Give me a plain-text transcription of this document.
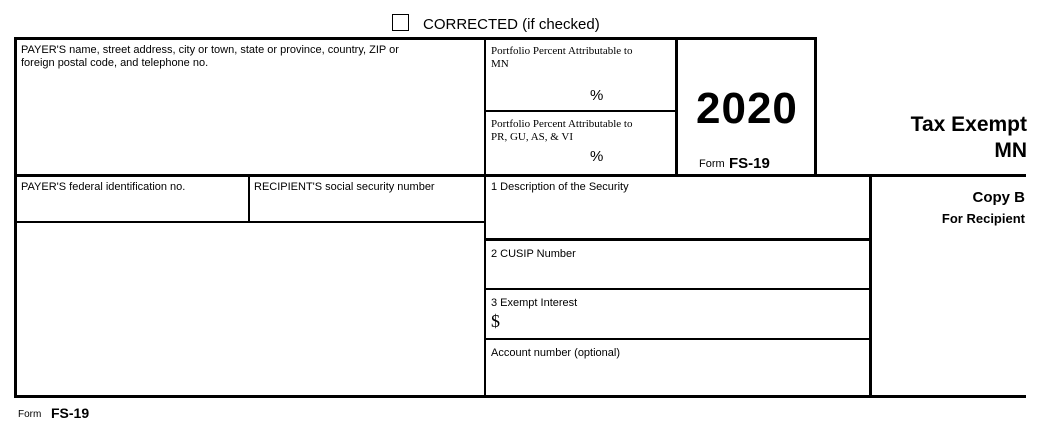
CORRECTED (if checked)
PAYER'S name, street address, city or town, state or province, country, ZIP or
foreign postal code, and telephone no.
Portfolio Percent Attributable to
MN
%
Portfolio Percent Attributable to
PR, GU, AS, & VI
%
2020
Form FS-19
Tax Exempt
MN
PAYER'S federal identification no.	RECIPIENT'S social security number	1 Description of the Security
2 CUSIP Number
3 Exempt Interest
$
Account number (optional)
Copy B
For Recipient
Form FS-19
